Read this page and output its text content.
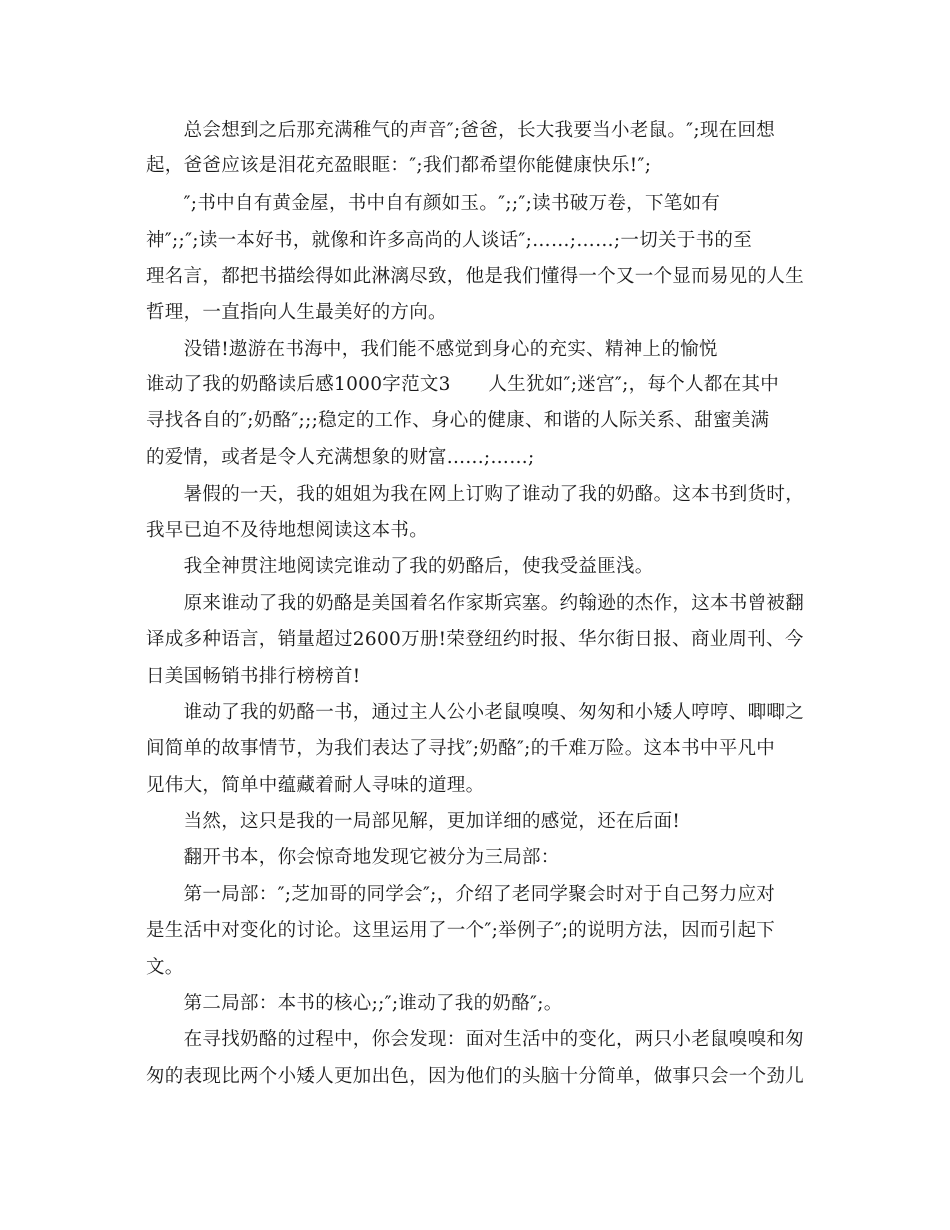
　　总会想到之后那充满稚气的声音″;爸爸，长大我要当小老鼠。″;现在回想
起，爸爸应该是泪花充盈眼眶：″;我们都希望你能健康快乐!″;
　　″;书中自有黄金屋，书中自有颜如玉。″;;″;读书破万卷，下笔如有
神″;;″;读一本好书，就像和许多高尚的人谈话″;……;……;一切关于书的至
理名言，都把书描绘得如此淋漓尽致，他是我们懂得一个又一个显而易见的人生
哲理，一直指向人生最美好的方向。
　　没错!遨游在书海中，我们能不感觉到身心的充实、精神上的愉悦
谁动了我的奶酪读后感1000字范文3　　人生犹如″;迷宫″;，每个人都在其中
寻找各自的″;奶酪″;;;稳定的工作、身心的健康、和谐的人际关系、甜蜜美满
的爱情，或者是令人充满想象的财富......;……;
　　暑假的一天，我的姐姐为我在网上订购了谁动了我的奶酪。这本书到货时，
我早已迫不及待地想阅读这本书。
　　我全神贯注地阅读完谁动了我的奶酪后，使我受益匪浅。
　　原来谁动了我的奶酪是美国着名作家斯宾塞。约翰逊的杰作，这本书曾被翻
译成多种语言，销量超过2600万册!荣登纽约时报、华尔街日报、商业周刊、今
日美国畅销书排行榜榜首!
　　谁动了我的奶酪一书，通过主人公小老鼠嗅嗅、匆匆和小矮人哼哼、唧唧之
间简单的故事情节，为我们表达了寻找″;奶酪″;的千难万险。这本书中平凡中
见伟大，简单中蕴藏着耐人寻味的道理。
　　当然，这只是我的一局部见解，更加详细的感觉，还在后面!
　　翻开书本，你会惊奇地发现它被分为三局部：
　　第一局部：″;芝加哥的同学会″;，介绍了老同学聚会时对于自己努力应对
是生活中对变化的讨论。这里运用了一个″;举例子″;的说明方法，因而引起下
文。
　　第二局部：本书的核心;;″;谁动了我的奶酪″;。
　　在寻找奶酪的过程中，你会发现：面对生活中的变化，两只小老鼠嗅嗅和匆
匆的表现比两个小矮人更加出色，因为他们的头脑十分简单，做事只会一个劲儿
